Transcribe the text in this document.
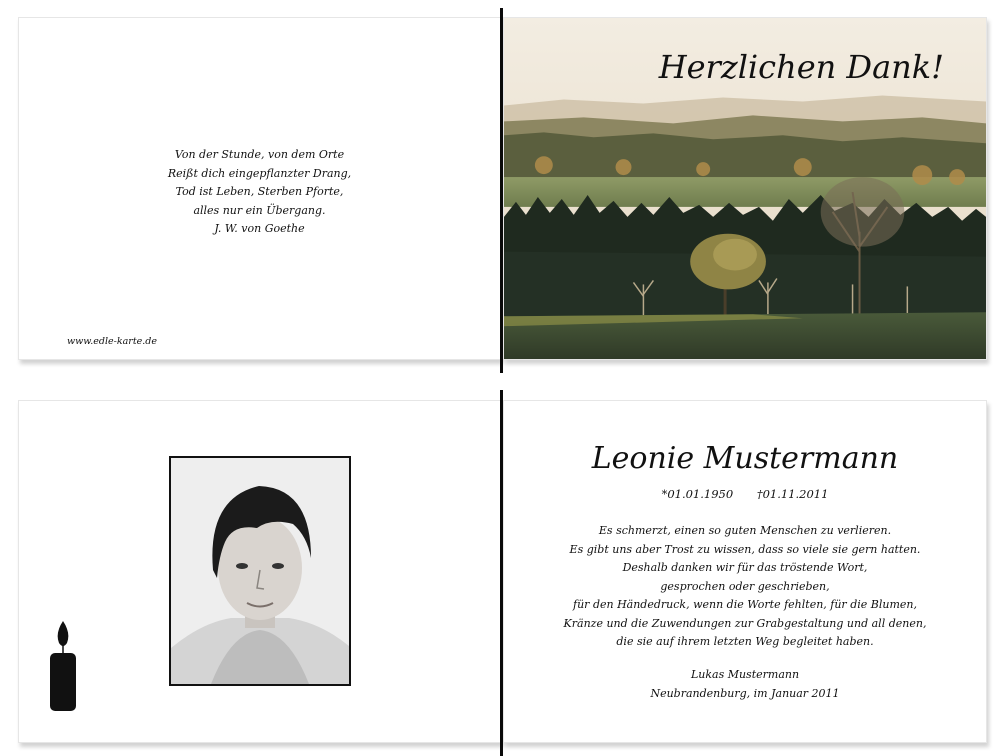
Von der Stunde, von dem Orte
Reißt dich eingepflanzter Drang,
Tod ist Leben, Sterben Pforte,
alles nur ein Übergang.
J. W. von Goethe
www.edle-karte.de
Herzlichen Dank!
Leonie Mustermann
*01.01.1950 †01.11.2011
Es schmerzt, einen so guten Menschen zu verlieren.
Es gibt uns aber Trost zu wissen, dass so viele sie gern hatten.
Deshalb danken wir für das tröstende Wort,
gesprochen oder geschrieben,
für den Händedruck, wenn die Worte fehlten, für die Blumen,
Kränze und die Zuwendungen zur Grabgestaltung und all denen,
die sie auf ihrem letzten Weg begleitet haben.
Lukas Mustermann
Neubrandenburg, im Januar 2011
